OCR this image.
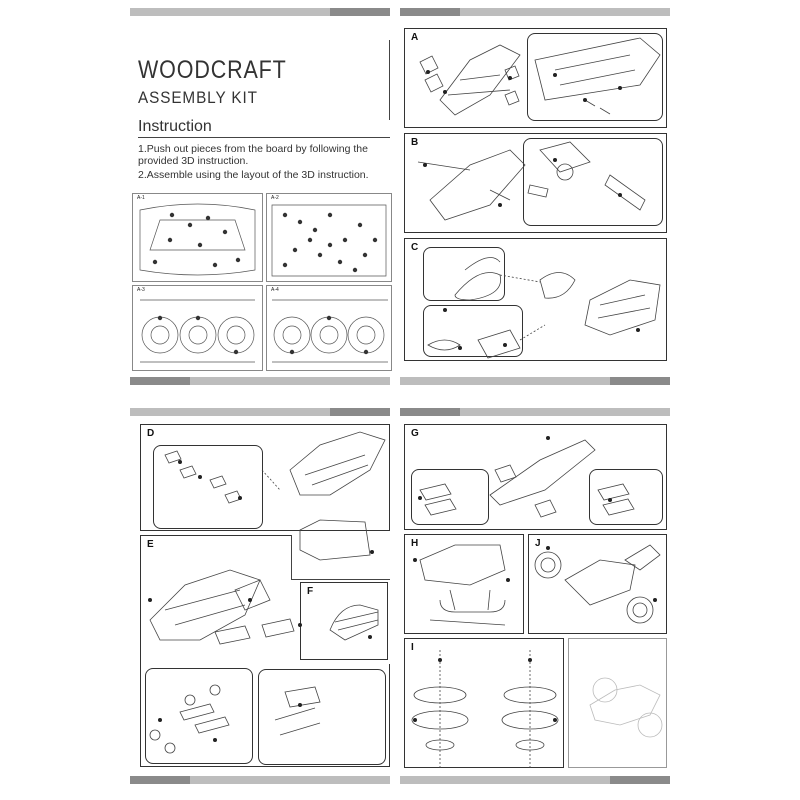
WOODCRAFT
ASSEMBLY KIT
Instruction
1.Push out pieces from the board by following the provided 3D instruction.
2.Assemble using the layout of the 3D instruction.
A-1	A-2
A-3	A-4
A
B
C
D
E
F
G
H	J
I
